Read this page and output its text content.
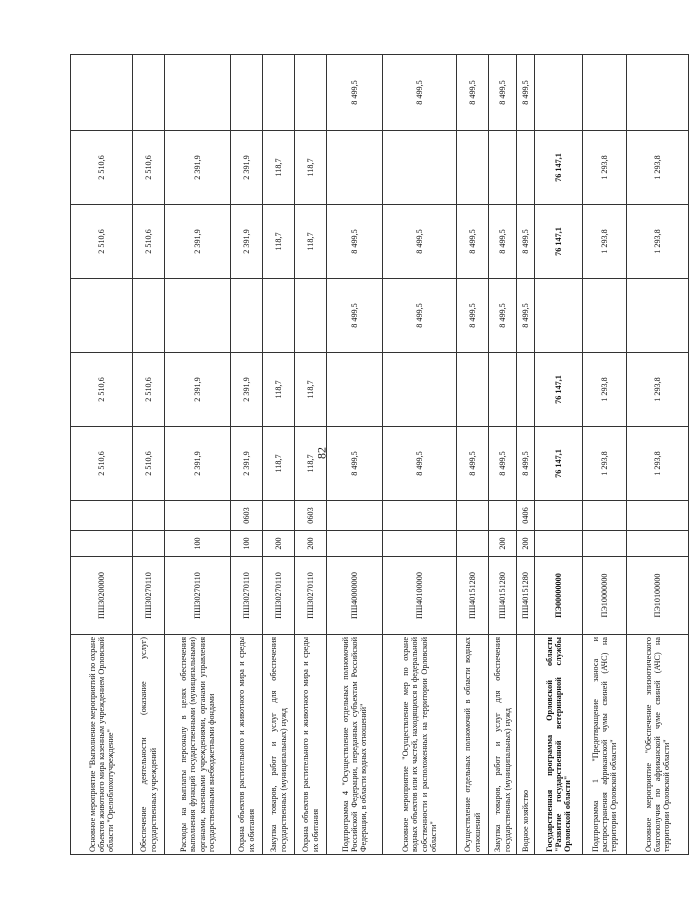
82
Основное мероприятие "Выполнение мероприятий по охране объектов животного мира казенным учреждением Орловской области "Орелоблохотучреждение"	ПШ30200000			2 510,6	2 510,6		2 510,6	2 510,6	
Обеспечение деятельности (оказание услуг) государственных учреждений	ПШ30270110			2 510,6	2 510,6		2 510,6	2 510,6	
Расходы на выплаты персоналу в целях обеспечения выполнения функций государственными (муниципальными) органами, казенными учреждениями, органами управления государственными внебюджетными фондами	ПШ30270110	100		2 391,9	2 391,9		2 391,9	2 391,9	
Охрана объектов растительного и животного мира и среды их обитания	ПШ30270110	100	0603	2 391,9	2 391,9		2 391,9	2 391,9	
Закупка товаров, работ и услуг для обеспечения государственных (муниципальных) нужд	ПШ30270110	200		118,7	118,7		118,7	118,7	
Охрана объектов растительного и животного мира и среды их обитания	ПШ30270110	200	0603	118,7	118,7		118,7	118,7	
Подпрограмма 4 "Осуществление отдельных полномочий Российской Федерации, переданных субъектам Российской Федерации, в области водных отношений"	ПШ40000000			8 499,5		8 499,5	8 499,5		8 499,5
Основное мероприятие "Осуществление мер по охране водных объектов или их частей, находящихся в федеральной собственности и расположенных на территории Орловской области"	ПШ40100000			8 499,5		8 499,5	8 499,5		8 499,5
Осуществление отдельных полномочий в области водных отношений	ПШ40151280			8 499,5		8 499,5	8 499,5		8 499,5
Закупка товаров, работ и услуг для обеспечения государственных (муниципальных) нужд	ПШ40151280	200		8 499,5		8 499,5	8 499,5		8 499,5
Водное хозяйство	ПШ40151280	200	0406	8 499,5		8 499,5	8 499,5		8 499,5
Государственная программа Орловской области "Развитие государственной ветеринарной службы Орловской области"	ПЭ00000000			76 147,1	76 147,1		76 147,1	76 147,1	
Подпрограмма 1 "Предотвращение заноса и распространения африканской чумы свиней (АЧС) на территории Орловской области"	ПЭ10000000			1 293,8	1 293,8		1 293,8	1 293,8	
Основное мероприятие "Обеспечение эпизоотического благополучия по африканской чуме свиней (АЧС) на территории Орловской области"	ПЭ10100000			1 293,8	1 293,8		1 293,8	1 293,8	
